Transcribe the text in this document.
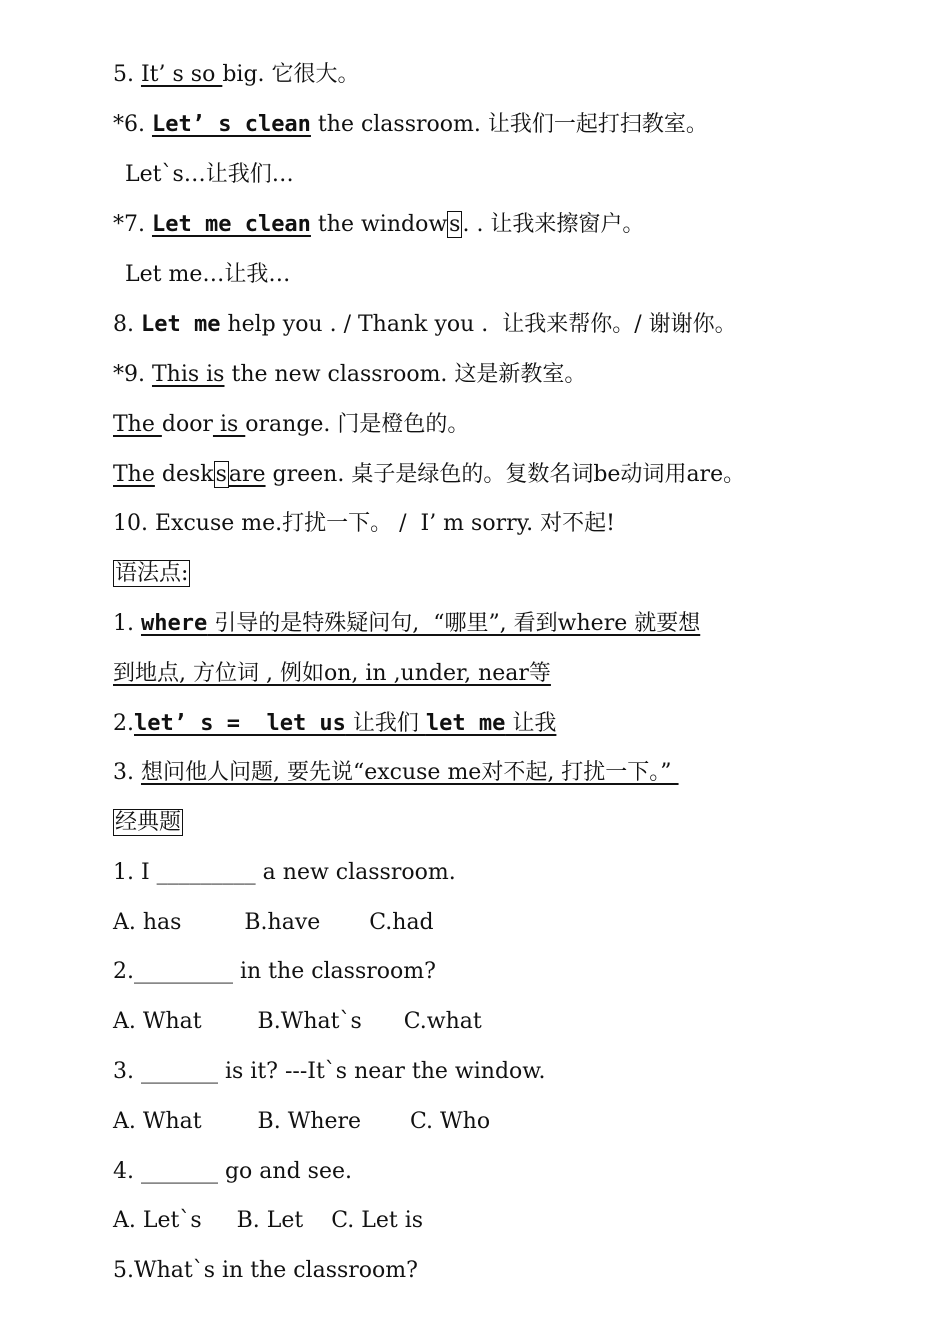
5. It’ s so big. 它很大。
*6. Let’ s clean the classroom. 让我们一起打扫教室。
Let`s…让我们…
*7. Let me clean the windows. . 让我来擦窗户。
Let me…让我…
8. Let me help you . / Thank you .  让我来帮你。/ 谢谢你。
*9. This is the new classroom. 这是新教室。
The door is orange. 门是橙色的。
The desksare green. 桌子是绿色的。复数名词be动词用are。
10. Excuse me.打扰一下。 /  I’ m sorry. 对不起!
语法点:
1. where 引导的是特殊疑问句,  “哪里”, 看到where 就要想
到地点, 方位词 , 例如on, in ,under, near等
2.let’ s =  let us 让我们 let me 让我
3. 想问他人问题, 要先说“excuse me对不起, 打扰一下。”
经典题
1. I _________ a new classroom.
A. has         B.have       C.had
2._________ in the classroom?
A. What        B.What`s      C.what
3. _______ is it? ---It`s near the window.
A. What        B. Where       C. Who
4. _______ go and see.
A. Let`s     B. Let    C. Let is
5.What`s in the classroom?
